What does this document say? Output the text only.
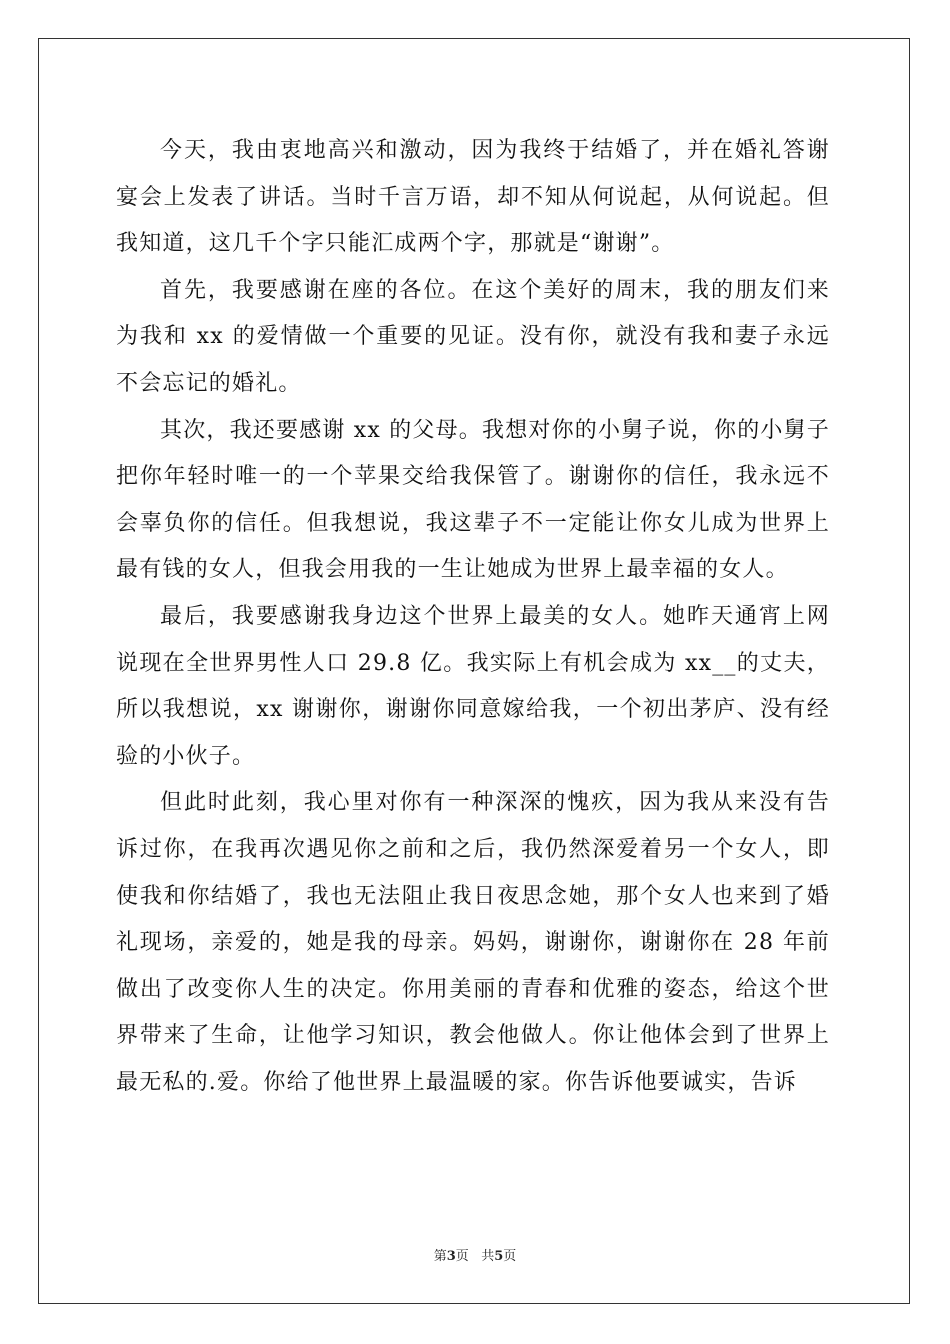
今天，我由衷地高兴和激动，因为我终于结婚了，并在婚礼答谢宴会上发表了讲话。当时千言万语，却不知从何说起，从何说起。但我知道，这几千个字只能汇成两个字，那就是“谢谢”。

首先，我要感谢在座的各位。在这个美好的周末，我的朋友们来为我和 xx 的爱情做一个重要的见证。没有你，就没有我和妻子永远不会忘记的婚礼。

其次，我还要感谢 xx 的父母。我想对你的小舅子说，你的小舅子把你年轻时唯一的一个苹果交给我保管了。谢谢你的信任，我永远不会辜负你的信任。但我想说，我这辈子不一定能让你女儿成为世界上最有钱的女人，但我会用我的一生让她成为世界上最幸福的女人。

最后，我要感谢我身边这个世界上最美的女人。她昨天通宵上网说现在全世界男性人口 29.8 亿。我实际上有机会成为 xx__的丈夫，所以我想说，xx 谢谢你，谢谢你同意嫁给我，一个初出茅庐、没有经验的小伙子。

但此时此刻，我心里对你有一种深深的愧疚，因为我从来没有告诉过你，在我再次遇见你之前和之后，我仍然深爱着另一个女人，即使我和你结婚了，我也无法阻止我日夜思念她，那个女人也来到了婚礼现场，亲爱的，她是我的母亲。妈妈，谢谢你，谢谢你在 28 年前做出了改变你人生的决定。你用美丽的青春和优雅的姿态，给这个世界带来了生命，让他学习知识，教会他做人。你让他体会到了世界上最无私的.爱。你给了他世界上最温暖的家。你告诉他要诚实，告诉

第3页 共5页
